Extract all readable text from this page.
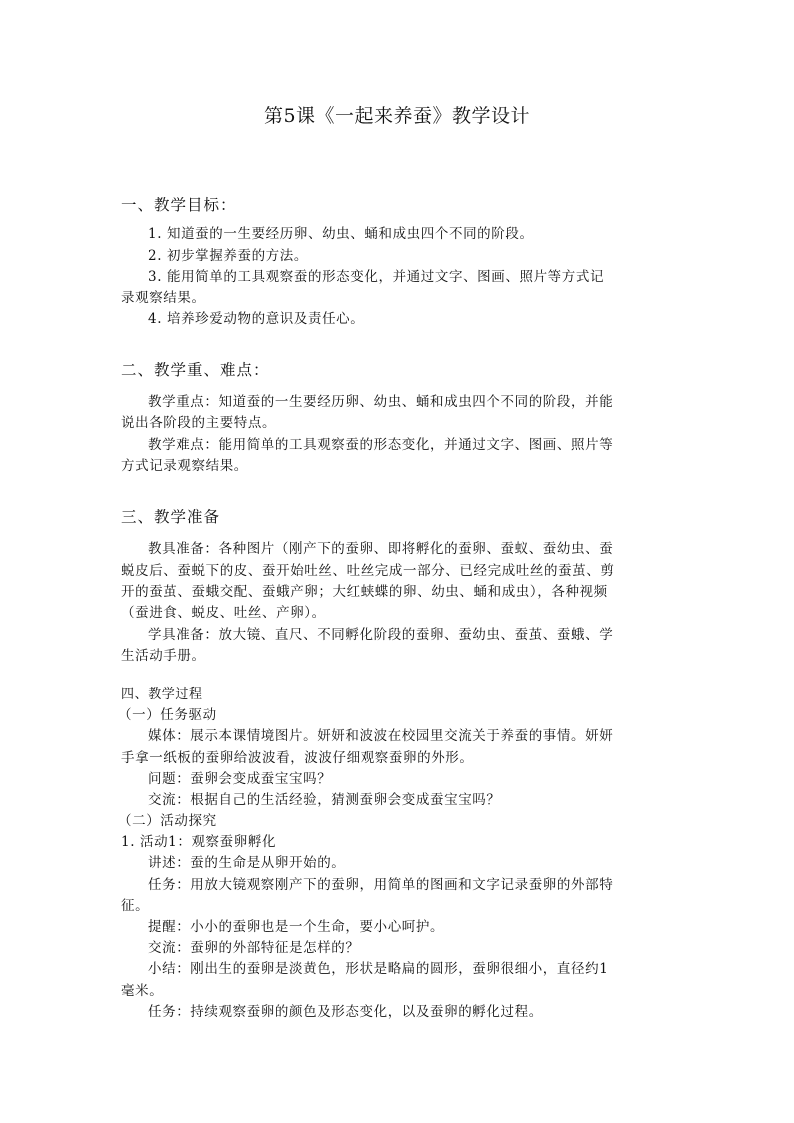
第5课《一起来养蚕》教学设计
一、教学目标：
1. 知道蚕的一生要经历卵、幼虫、蛹和成虫四个不同的阶段。
2. 初步掌握养蚕的方法。
3. 能用简单的工具观察蚕的形态变化，并通过文字、图画、照片等方式记
录观察结果。
4. 培养珍爱动物的意识及责任心。
二、教学重、难点：
教学重点：知道蚕的一生要经历卵、幼虫、蛹和成虫四个不同的阶段，并能
说出各阶段的主要特点。
教学难点：能用简单的工具观察蚕的形态变化，并通过文字、图画、照片等
方式记录观察结果。
三、教学准备
教具准备：各种图片（刚产下的蚕卵、即将孵化的蚕卵、蚕蚁、蚕幼虫、蚕
蜕皮后、蚕蜕下的皮、蚕开始吐丝、吐丝完成一部分、已经完成吐丝的蚕茧、剪
开的蚕茧、蚕蛾交配、蚕蛾产卵；大红蛱蝶的卵、幼虫、蛹和成虫），各种视频
（蚕进食、蜕皮、吐丝、产卵）。
学具准备：放大镜、直尺、不同孵化阶段的蚕卵、蚕幼虫、蚕茧、蚕蛾、学
生活动手册。
四、教学过程
（一）任务驱动
媒体：展示本课情境图片。妍妍和波波在校园里交流关于养蚕的事情。妍妍
手拿一纸板的蚕卵给波波看，波波仔细观察蚕卵的外形。
问题：蚕卵会变成蚕宝宝吗？
交流：根据自己的生活经验，猜测蚕卵会变成蚕宝宝吗？
（二）活动探究
1. 活动1：观察蚕卵孵化
讲述：蚕的生命是从卵开始的。
任务：用放大镜观察刚产下的蚕卵，用简单的图画和文字记录蚕卵的外部特
征。
提醒：小小的蚕卵也是一个生命，要小心呵护。
交流：蚕卵的外部特征是怎样的？
小结：刚出生的蚕卵是淡黄色，形状是略扁的圆形，蚕卵很细小，直径约1
毫米。
任务：持续观察蚕卵的颜色及形态变化，以及蚕卵的孵化过程。
